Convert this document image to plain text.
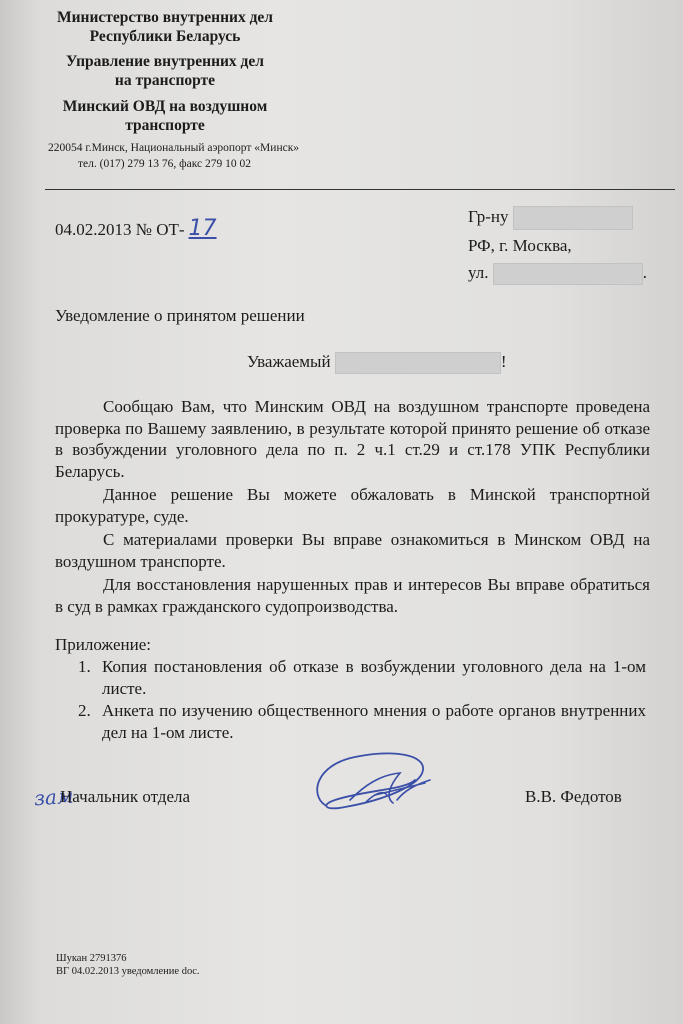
Министерство внутренних дел
Республики Беларусь
Управление внутренних дел
на транспорте
Минский ОВД на воздушном
транспорте
220054 г.Минск, Национальный аэропорт «Минск»
тел. (017) 279 13 76, факс 279 10 02
04.02.2013 № ОТ- 17	Гр-ну
РФ, г. Москва,
ул.	.
Уведомление о принятом решении
Уважаемый	!

Сообщаю Вам, что Минским ОВД на воздушном транспорте проведена проверка по Вашему заявлению, в результате которой принято решение об отказе в возбуждении уголовного дела по п. 2 ч.1 ст.29 и ст.178 УПК Республики Беларусь.

Данное решение Вы можете обжаловать в Минской транспортной прокуратуре, суде.

С материалами проверки Вы вправе ознакомиться в Минском ОВД на воздушном транспорте.

Для восстановления нарушенных прав и интересов Вы вправе обратиться в суд в рамках гражданского судопроизводства.

Приложение:
1. Копия постановления об отказе в возбуждении уголовного дела на 1-ом листе.
2. Анкета по изучению общественного мнения о работе органов внутренних дел на 1-ом листе.
зам
Начальник отдела	В.В. Федотов
Шукан 2791376
ВГ 04.02.2013 уведомление doc.
